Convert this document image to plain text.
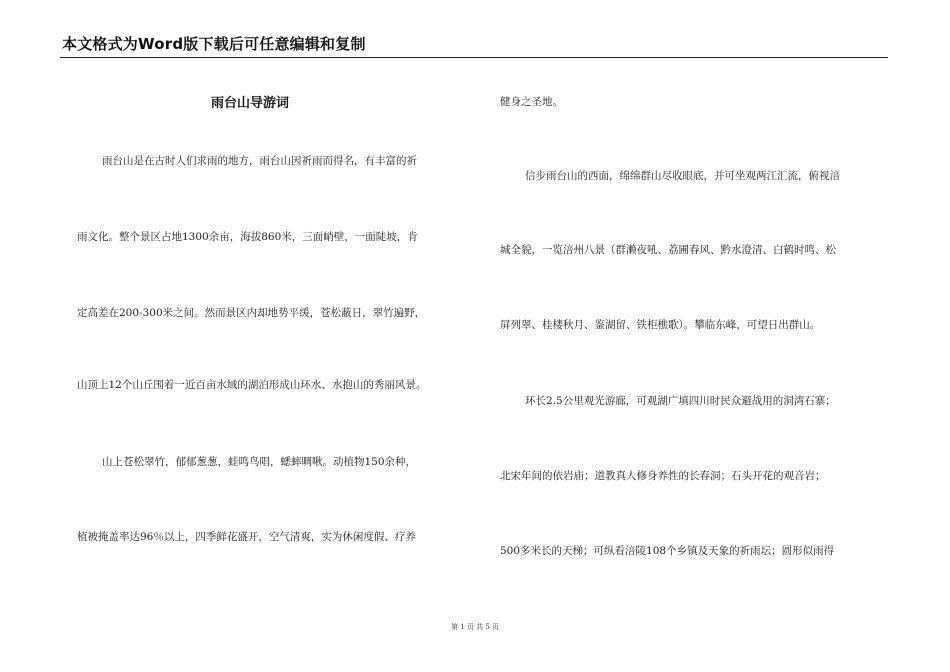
本文格式为Word版下载后可任意编辑和复制
雨台山导游词
雨台山是在古时人们求雨的地方，雨台山因祈雨而得名，有丰富的祈
雨文化。整个景区占地1300余亩，海拔860米，三面峭壁，一面陡坡，肯
定高差在200-300米之间。然而景区内却地势平缓，苍松蔽日，翠竹遍野，
山顶上12个山丘围着一近百亩水域的湖泊形成山环水、水抱山的秀丽风景。
山上苍松翠竹，郁郁葱葱，蛙鸣鸟唱，蟋蟀啁啾。动植物150余种，
植被掩盖率达96％以上，四季鲜花盛开，空气清爽，实为休闲度假、疗养
健身之圣地。
信步雨台山的西面，绵绵群山尽收眼底，并可坐观两江汇流，俯视涪
城全貌，一览涪州八景（群濑夜吼、荔圃春风、黔水澄清、白鹤时鸣、松
屏列翠、桂楼秋月、鉴湖留、铁柜樵歌）。攀临东峰，可望日出群山。
环长2.5公里观光游廊，可观湖广填四川时民众避战用的洞湾石寨；
北宋年间的依岩庙；道教真人修身养性的长春洞；石头开花的观音岩；
500多米长的天梯；可纵看涪陵108个乡镇及天象的祈雨坛；圆形似雨得
第 1 页 共 5 页
